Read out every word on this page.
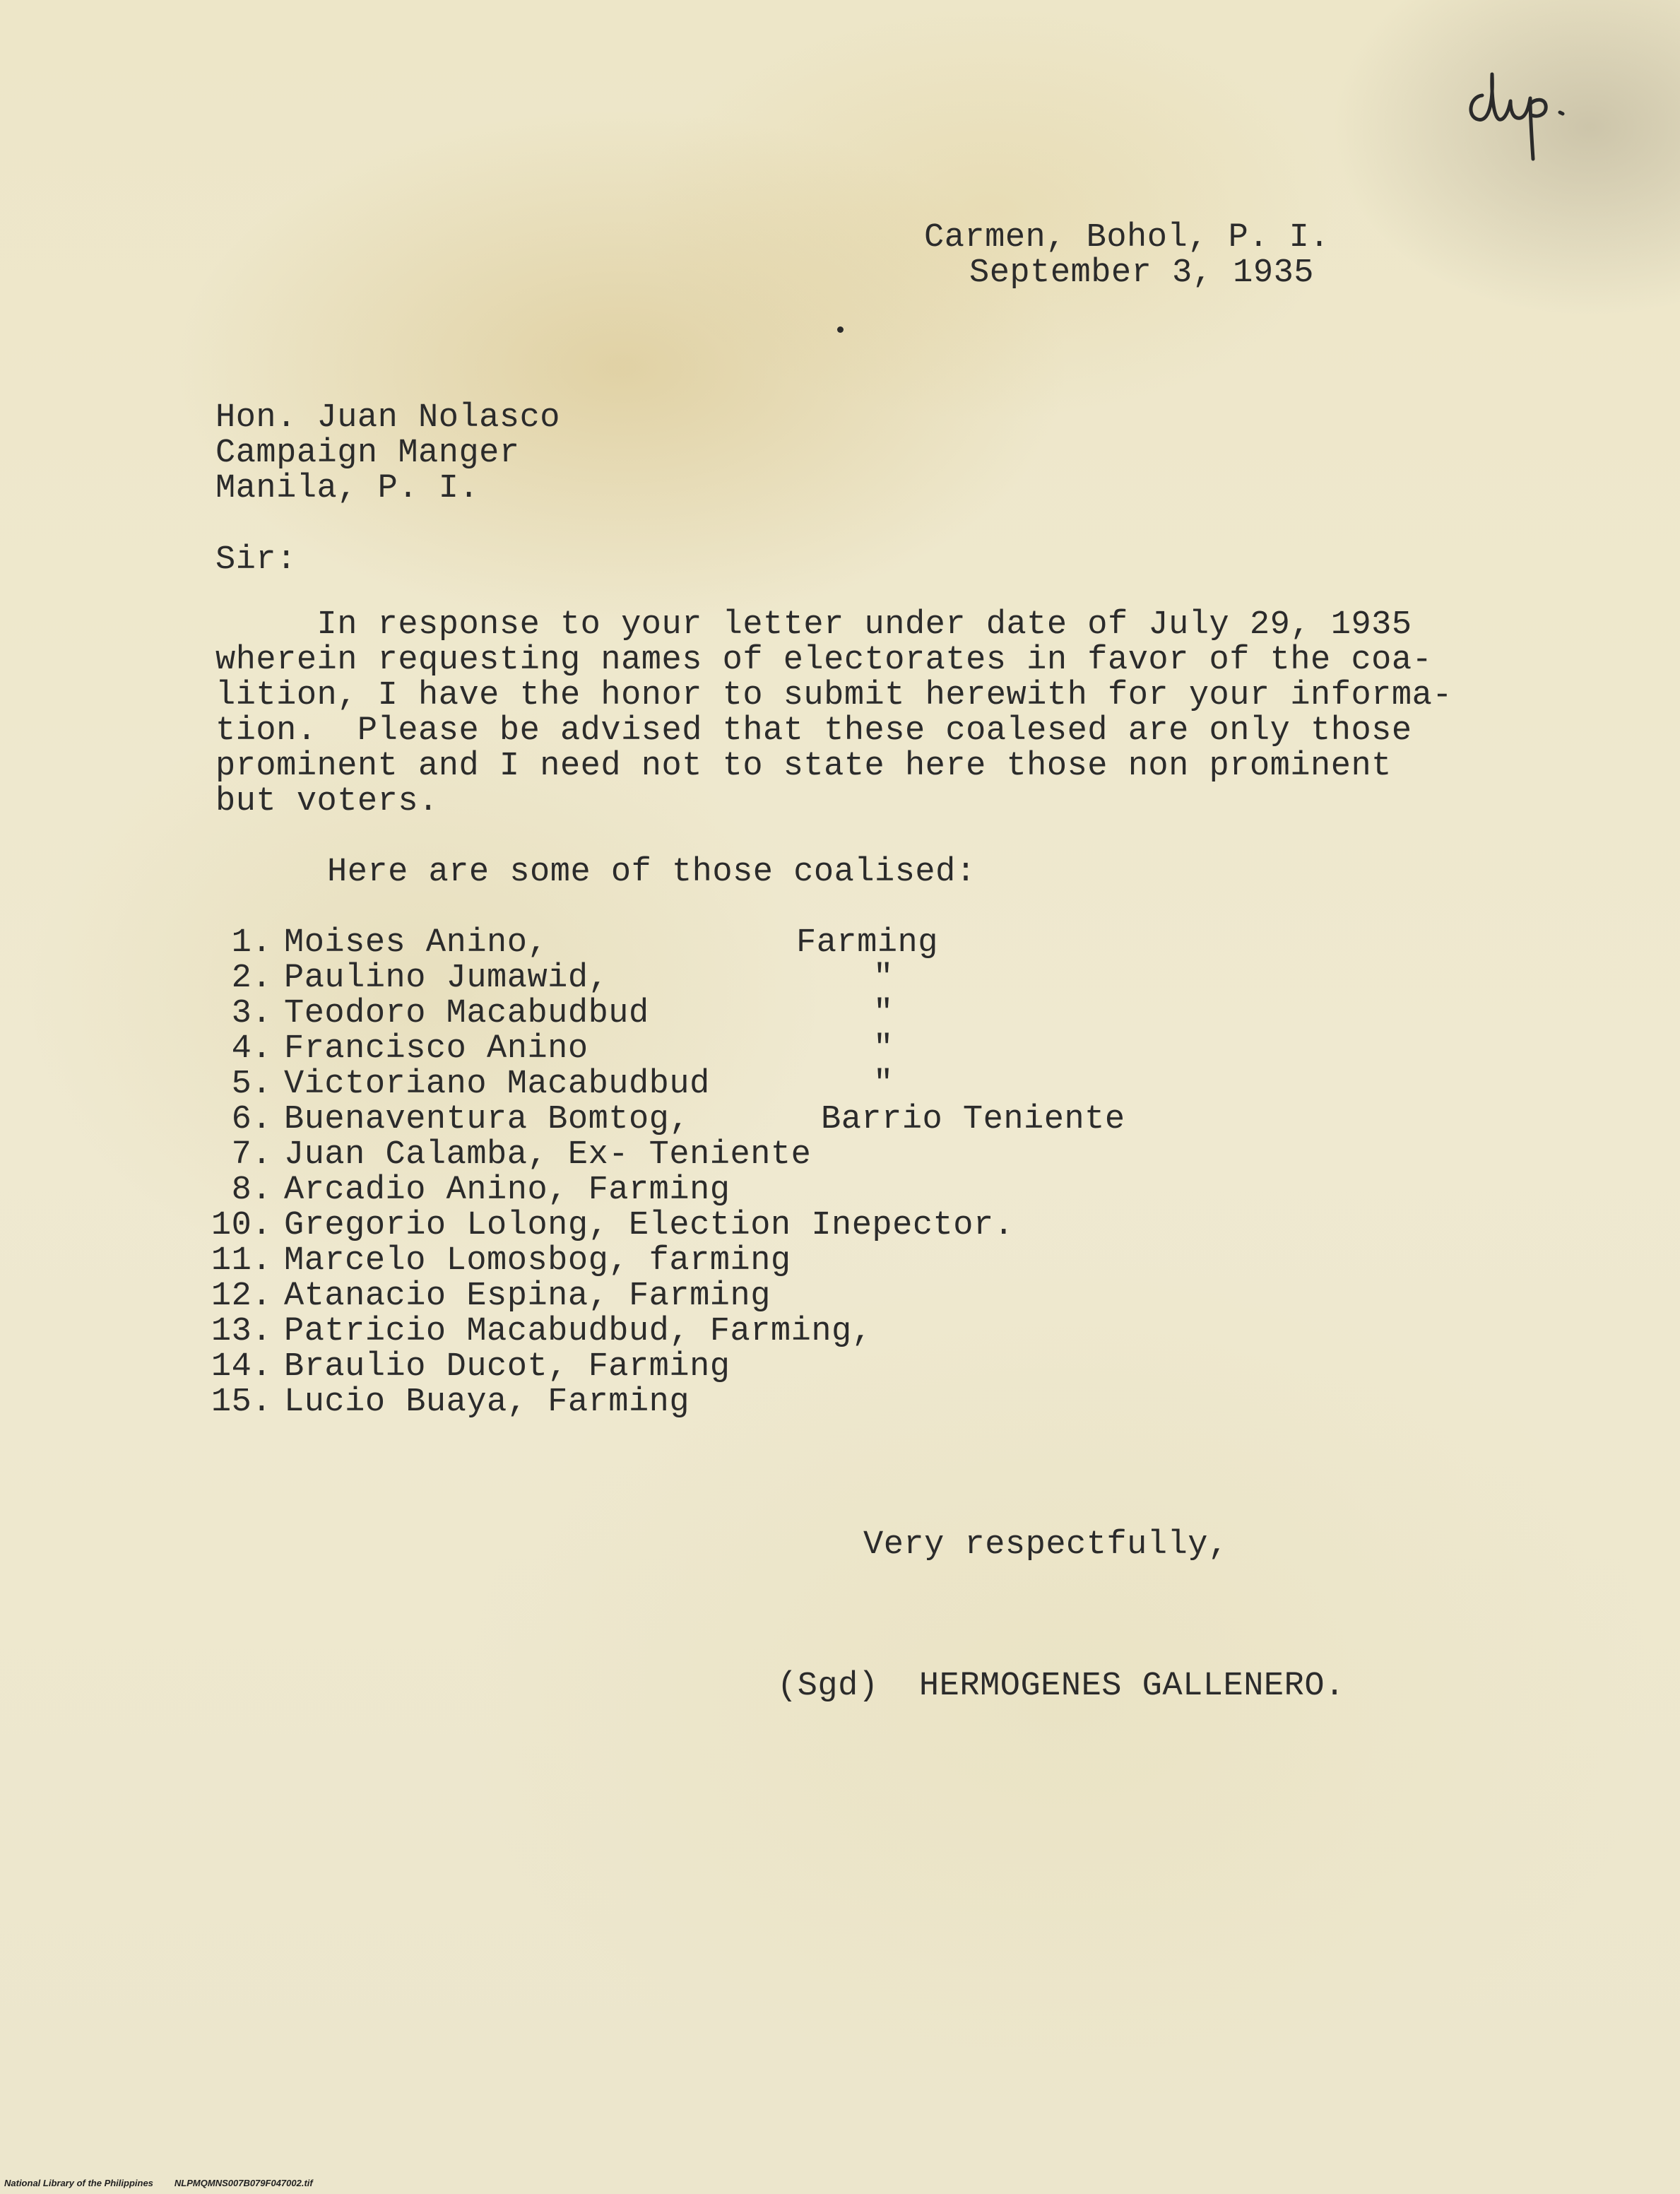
Carmen, Bohol, P. I.
September 3, 1935
Hon. Juan Nolasco
Campaign Manger
Manila, P. I.
Sir:
In response to your letter under date of July 29, 1935
wherein requesting names of electorates in favor of the coa-
lition, I have the honor to submit herewith for your informa-
tion.  Please be advised that these coalesed are only those
prominent and I need not to state here those non prominent
but voters.
Here are some of those coalised:
1. Moises Anino,	Farming
2. Paulino Jumawid,	"
3. Teodoro Macabudbud	"
4. Francisco Anino	"
5. Victoriano Macabudbud	"
6. Buenaventura Bomtog,	Barrio Teniente
7. Juan Calamba, Ex- Teniente
8. Arcadio Anino, Farming
10. Gregorio Lolong, Election Inepector.
11. Marcelo Lomosbog, farming
12. Atanacio Espina, Farming
13. Patricio Macabudbud, Farming,
14. Braulio Ducot, Farming
15. Lucio Buaya, Farming
Very respectfully,
(Sgd)  HERMOGENES GALLENERO.
National Library of the Philippines NLPMQMNS007B079F047002.tif
